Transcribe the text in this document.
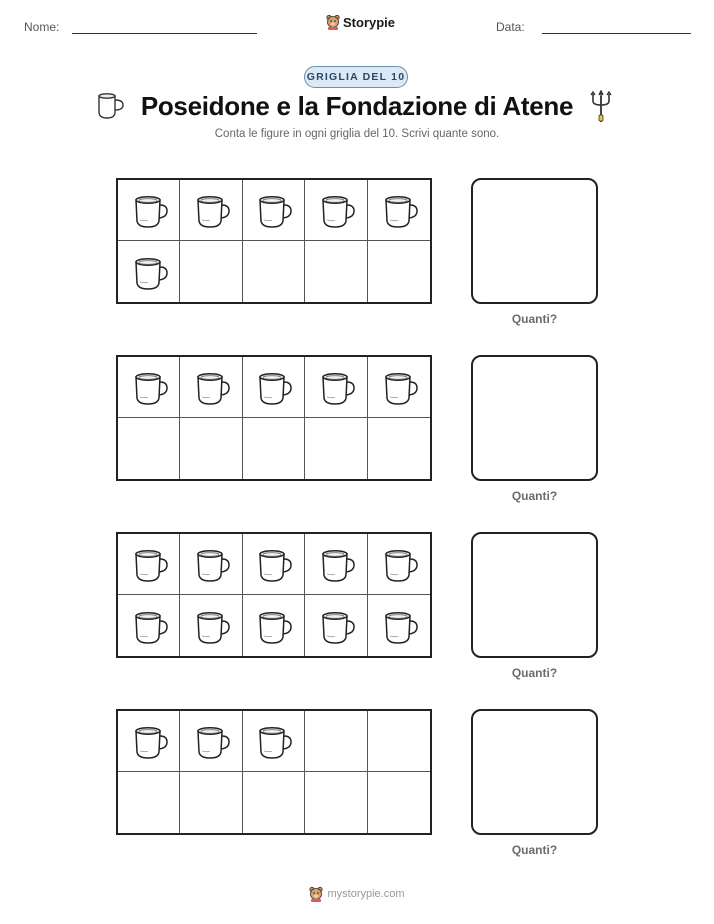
Nome:	Storypie	Data:
GRIGLIA DEL 10
Poseidone e la Fondazione di Atene
Conta le figure in ogni griglia del 10. Scrivi quante sono.
Quanti?
Quanti?
Quanti?
Quanti?
mystorypie.com
